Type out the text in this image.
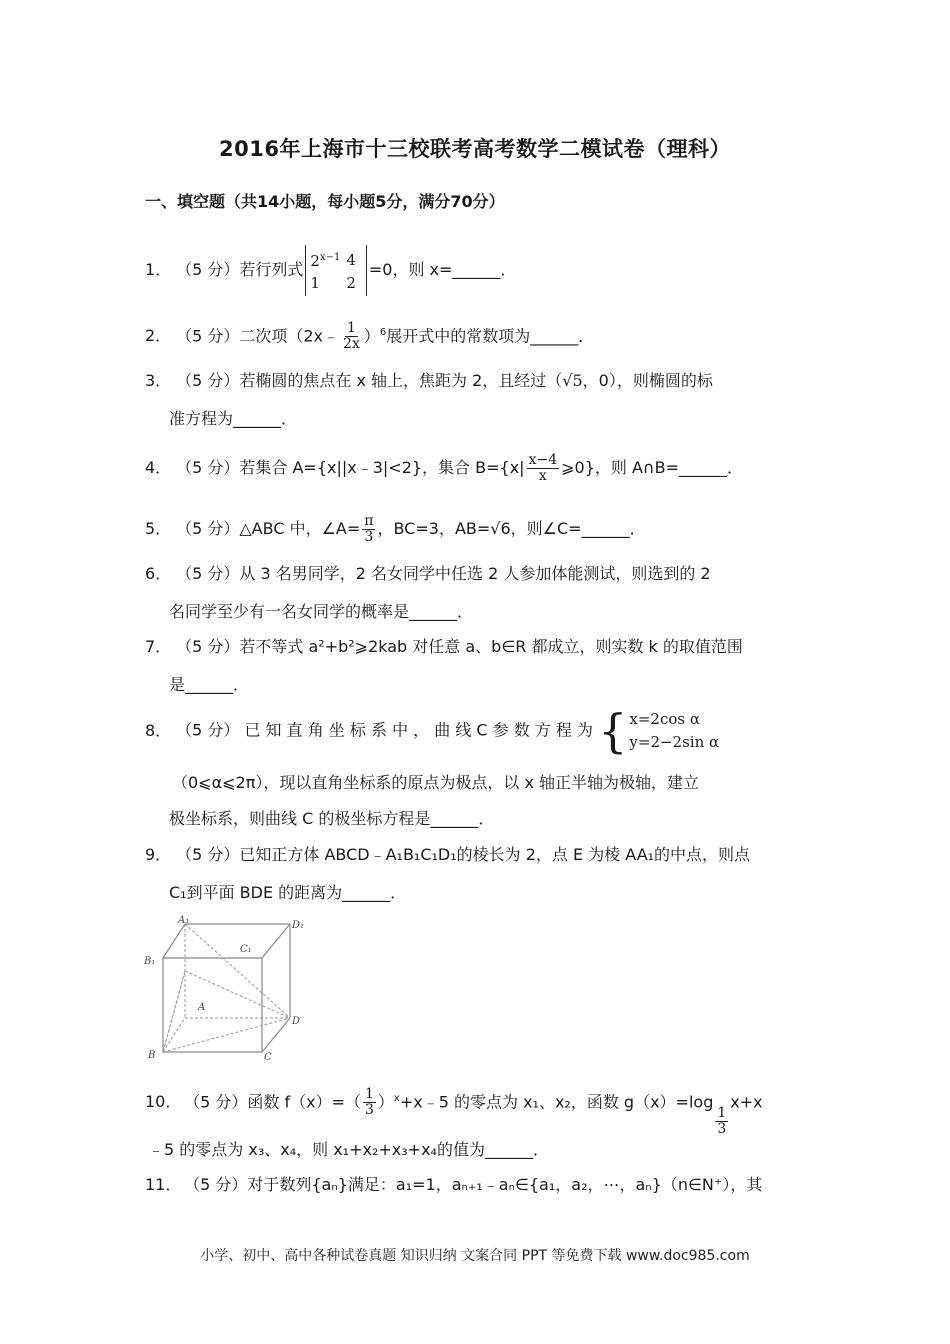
2016年上海市十三校联考高考数学二模试卷（理科）
一、填空题（共14小题，每小题5分，满分70分）
1． （5 分）若行列式 $2^{x-1}$	4
1	2
=0，则 x=______．
2． （5 分）二次项（2x﹣ $\frac{1}{2x} )^6$展开式中的常数项为______．
3． （5 分）若椭圆的焦点在 x 轴上，焦距为 2，且经过（√5，0），则椭圆的标
准方程为______．
4． （5 分）若集合 A={x||x﹣3|<2}，集合 $B=\{x| \frac{x-4}{x}$ ⩾0}，则 A∩B=______．
5． （5 分）△ABC 中，∠A= $\frac{\pi}{3}$ ，BC=3，AB=√6，则∠C=______．
6． （5 分）从 3 名男同学，2 名女同学中任选 2 人参加体能测试，则选到的 2
名同学至少有一名女同学的概率是______．
7． （5 分）若不等式 a²+b²⩾2kab 对任意 a、b∈R 都成立，则实数 k 的取值范围
是______．
8． （5 分） 已 知 直 角 坐 标 系 中 ， 曲 线 C 参 数 方 程 为 { x=2cos α
y=2−2sin α
（0⩽α⩽2π），现以直角坐标系的原点为极点，以 x 轴正半轴为极轴，建立
极坐标系，则曲线 C 的极坐标方程是______．
9． （5 分）已知正方体 ABCD﹣A₁B₁C₁D₁的棱长为 2，点 E 为棱 AA₁的中点，则点
C₁到平面 BDE 的距离为______．
A₁	D₁
B₁
C₁
A
D
B	C
10． （5 分）函数 $f(x)=( \frac{1}{3}$ ）$^x+x﹣5$ 的零点为 x₁、x₂，函数 g（x）=log
$\frac{1}{3}$
x+x
﹣5 的零点为 x₃、x₄，则 x₁+x₂+x₃+x₄的值为______．
11． （5 分）对于数列{aₙ}满足：a₁=1，aₙ₊₁﹣aₙ∈{a₁，a₂，⋯，aₙ}（n∈N⁺），其
小学、初中、高中各种试卷真题 知识归纳 文案合同 PPT 等免费下载 www.doc985.com
